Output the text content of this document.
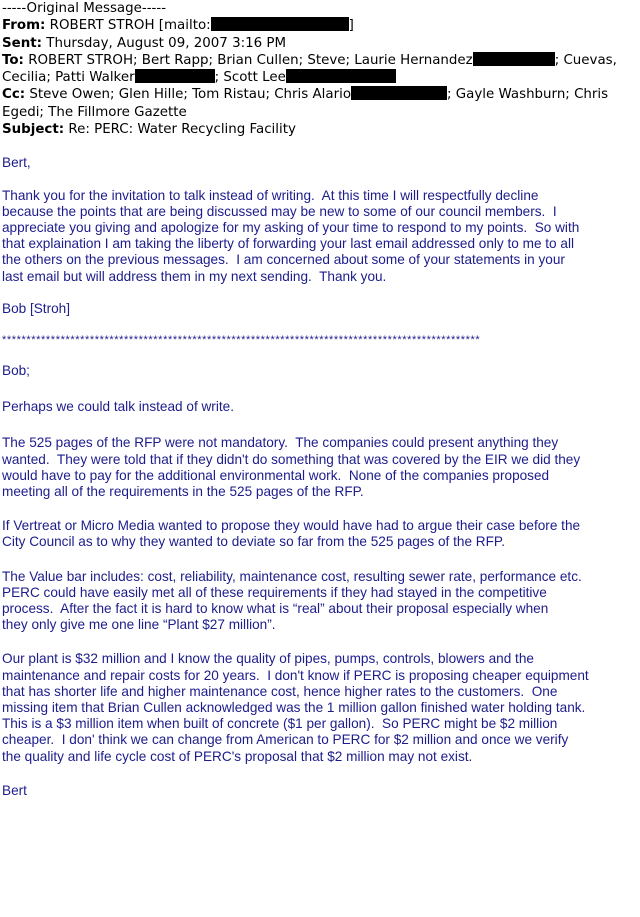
-----Original Message-----
From: ROBERT STROH [mailto:	]
Sent: Thursday, August 09, 2007 3:16 PM
To: ROBERT STROH; Bert Rapp; Brian Cullen; Steve; Laurie Hernandez	; Cuevas,
Cecilia; Patti Walker	; Scott Lee
Cc: Steve Owen; Glen Hille; Tom Ristau; Chris Alario	; Gayle Washburn; Chris
Egedi; The Fillmore Gazette
Subject: Re: PERC: Water Recycling Facility

Bert,

Thank you for the invitation to talk instead of writing.  At this time I will respectfully decline

because the points that are being discussed may be new to some of our council members.  I

appreciate you giving and apologize for my asking of your time to respond to my points.  So with

that explaination I am taking the liberty of forwarding your last email addressed only to me to all

the others on the previous messages.  I am concerned about some of your statements in your

last email but will address them in my next sending.  Thank you.

Bob [Stroh]

**************************************************************************************************

Bob;

Perhaps we could talk instead of write.

The 525 pages of the RFP were not mandatory.  The companies could present anything they

wanted.  They were told that if they didn't do something that was covered by the EIR we did they

would have to pay for the additional environmental work.  None of the companies proposed

meeting all of the requirements in the 525 pages of the RFP.

If Vertreat or Micro Media wanted to propose they would have had to argue their case before the

City Council as to why they wanted to deviate so far from the 525 pages of the RFP.

The Value bar includes: cost, reliability, maintenance cost, resulting sewer rate, performance etc.

PERC could have easily met all of these requirements if they had stayed in the competitive

process.  After the fact it is hard to know what is “real” about their proposal especially when

they only give me one line “Plant $27 million”.

Our plant is $32 million and I know the quality of pipes, pumps, controls, blowers and the

maintenance and repair costs for 20 years.  I don't know if PERC is proposing cheaper equipment

that has shorter life and higher maintenance cost, hence higher rates to the customers.  One

missing item that Brian Cullen acknowledged was the 1 million gallon finished water holding tank.

This is a $3 million item when built of concrete ($1 per gallon).  So PERC might be $2 million

cheaper.  I don' think we can change from American to PERC for $2 million and once we verify

the quality and life cycle cost of PERC's proposal that $2 million may not exist.

Bert
